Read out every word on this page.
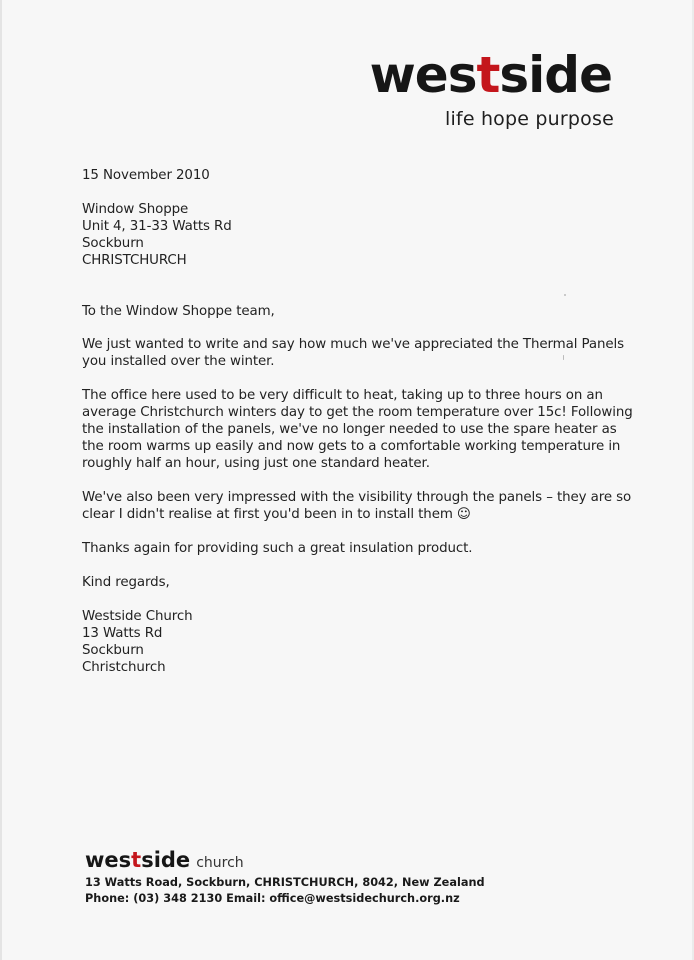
westside
life hope purpose
15 November 2010
Window Shoppe
Unit 4, 31-33 Watts Rd
Sockburn
CHRISTCHURCH
To the Window Shoppe team,
We just wanted to write and say how much we've appreciated the Thermal Panels you installed over the winter.
The office here used to be very difficult to heat, taking up to three hours on an average Christchurch winters day to get the room temperature over 15c! Following the installation of the panels, we've no longer needed to use the spare heater as the room warms up easily and now gets to a comfortable working temperature in roughly half an hour, using just one standard heater.
We've also been very impressed with the visibility through the panels – they are so clear I didn't realise at first you'd been in to install them ☺
Thanks again for providing such a great insulation product.
Kind regards,
Westside Church
13 Watts Rd
Sockburn
Christchurch
westside church
13 Watts Road, Sockburn, CHRISTCHURCH, 8042, New Zealand
Phone: (03) 348 2130 Email: office@westsidechurch.org.nz
